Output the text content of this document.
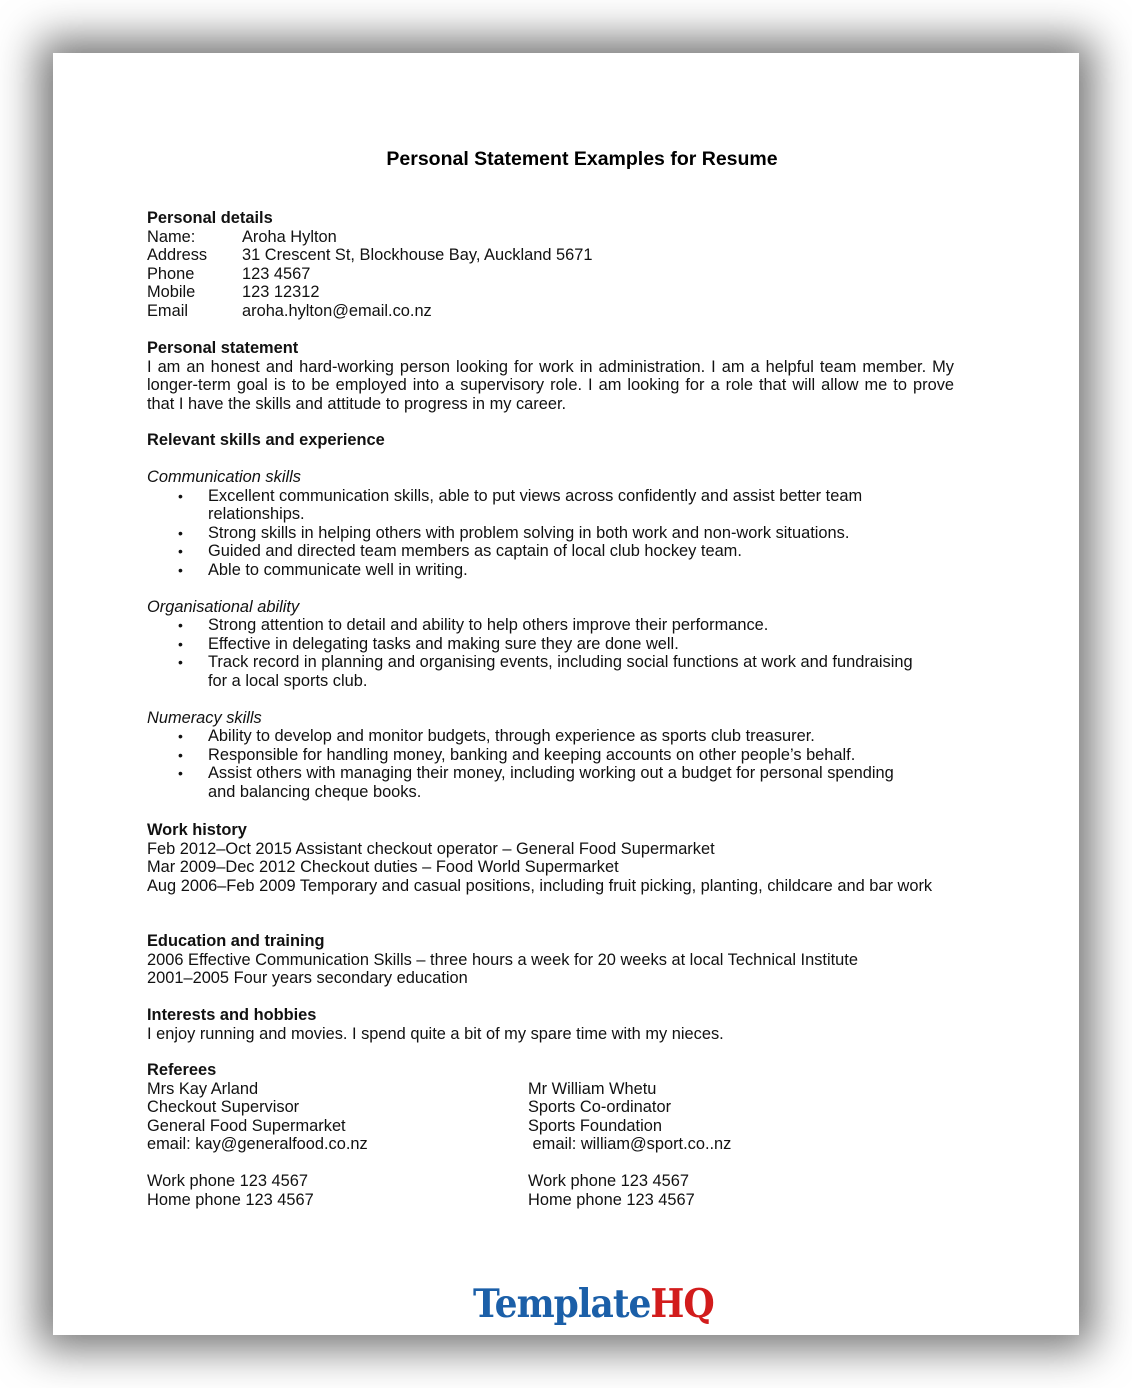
Personal Statement Examples for Resume

Personal details

Name:	Aroha Hylton
Address	31 Crescent St, Blockhouse Bay, Auckland 5671
Phone	123 4567
Mobile	123 12312
Email	aroha.hylton@email.co.nz

Personal statement

I am an honest and hard-working person looking for work in administration. I am a helpful team member. My longer-term goal is to be employed into a supervisory role. I am looking for a role that will allow me to prove that I have the skills and attitude to progress in my career.

Relevant skills and experience

Communication skills

• Excellent communication skills, able to put views across confidently and assist better team relationships.
• Strong skills in helping others with problem solving in both work and non-work situations.
• Guided and directed team members as captain of local club hockey team.
• Able to communicate well in writing.

Organisational ability

• Strong attention to detail and ability to help others improve their performance.
• Effective in delegating tasks and making sure they are done well.
• Track record in planning and organising events, including social functions at work and fundraising for a local sports club.

Numeracy skills

• Ability to develop and monitor budgets, through experience as sports club treasurer.
• Responsible for handling money, banking and keeping accounts on other people’s behalf.
• Assist others with managing their money, including working out a budget for personal spending and balancing cheque books.

Work history

Feb 2012–Oct 2015 Assistant checkout operator – General Food Supermarket

Mar 2009–Dec 2012 Checkout duties – Food World Supermarket

Aug 2006–Feb 2009 Temporary and casual positions, including fruit picking, planting, childcare and bar work

Education and training

2006 Effective Communication Skills – three hours a week for 20 weeks at local Technical Institute

2001–2005 Four years secondary education

Interests and hobbies

I enjoy running and movies. I spend quite a bit of my spare time with my nieces.

Referees

Mrs Kay Arland

Checkout Supervisor

General Food Supermarket

email: kay@generalfood.co.nz

Work phone 123 4567

Home phone 123 4567

Mr William Whetu

Sports Co-ordinator

Sports Foundation

email: william@sport.co..nz

Work phone 123 4567

Home phone 123 4567

TemplateHQ
